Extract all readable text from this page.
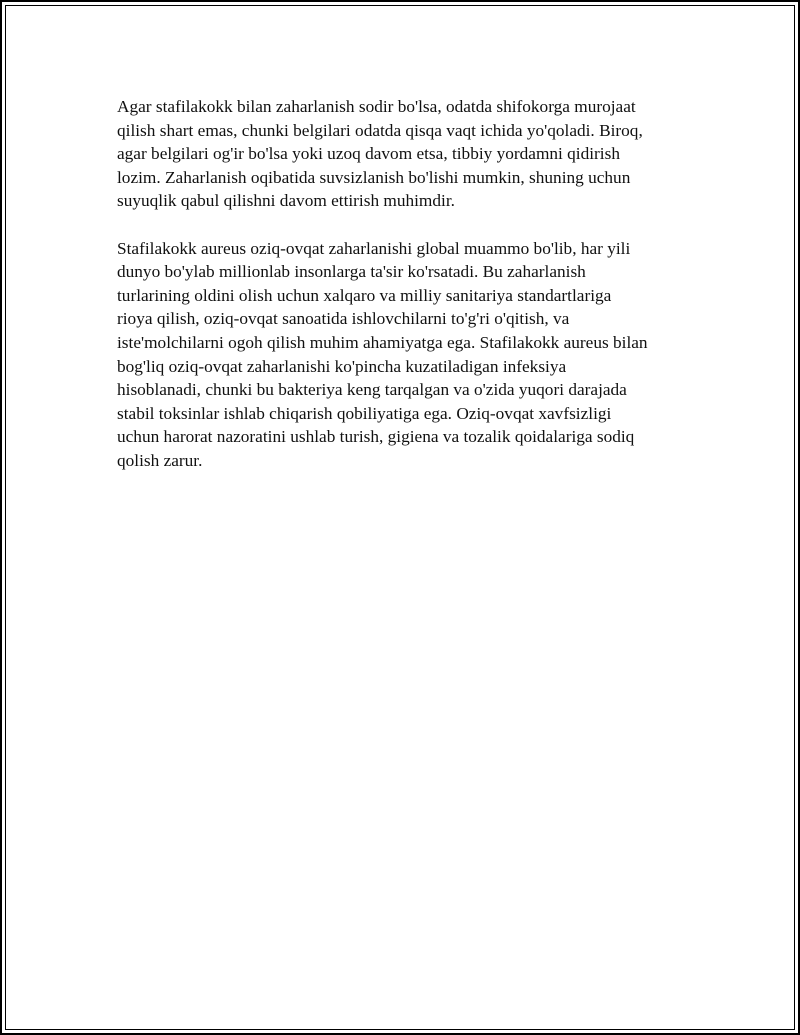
Agar stafilakokk bilan zaharlanish sodir bo'lsa, odatda shifokorga murojaat
qilish shart emas, chunki belgilari odatda qisqa vaqt ichida yo'qoladi. Biroq,
agar belgilari og'ir bo'lsa yoki uzoq davom etsa, tibbiy yordamni qidirish
lozim. Zaharlanish oqibatida suvsizlanish bo'lishi mumkin, shuning uchun
suyuqlik qabul qilishni davom ettirish muhimdir.

Stafilakokk aureus oziq-ovqat zaharlanishi global muammo bo'lib, har yili
dunyo bo'ylab millionlab insonlarga ta'sir ko'rsatadi. Bu zaharlanish
turlarining oldini olish uchun xalqaro va milliy sanitariya standartlariga
rioya qilish, oziq-ovqat sanoatida ishlovchilarni to'g'ri o'qitish, va
iste'molchilarni ogoh qilish muhim ahamiyatga ega. Stafilakokk aureus bilan
bog'liq oziq-ovqat zaharlanishi ko'pincha kuzatiladigan infeksiya
hisoblanadi, chunki bu bakteriya keng tarqalgan va o'zida yuqori darajada
stabil toksinlar ishlab chiqarish qobiliyatiga ega. Oziq-ovqat xavfsizligi
uchun harorat nazoratini ushlab turish, gigiena va tozalik qoidalariga sodiq
qolish zarur.
